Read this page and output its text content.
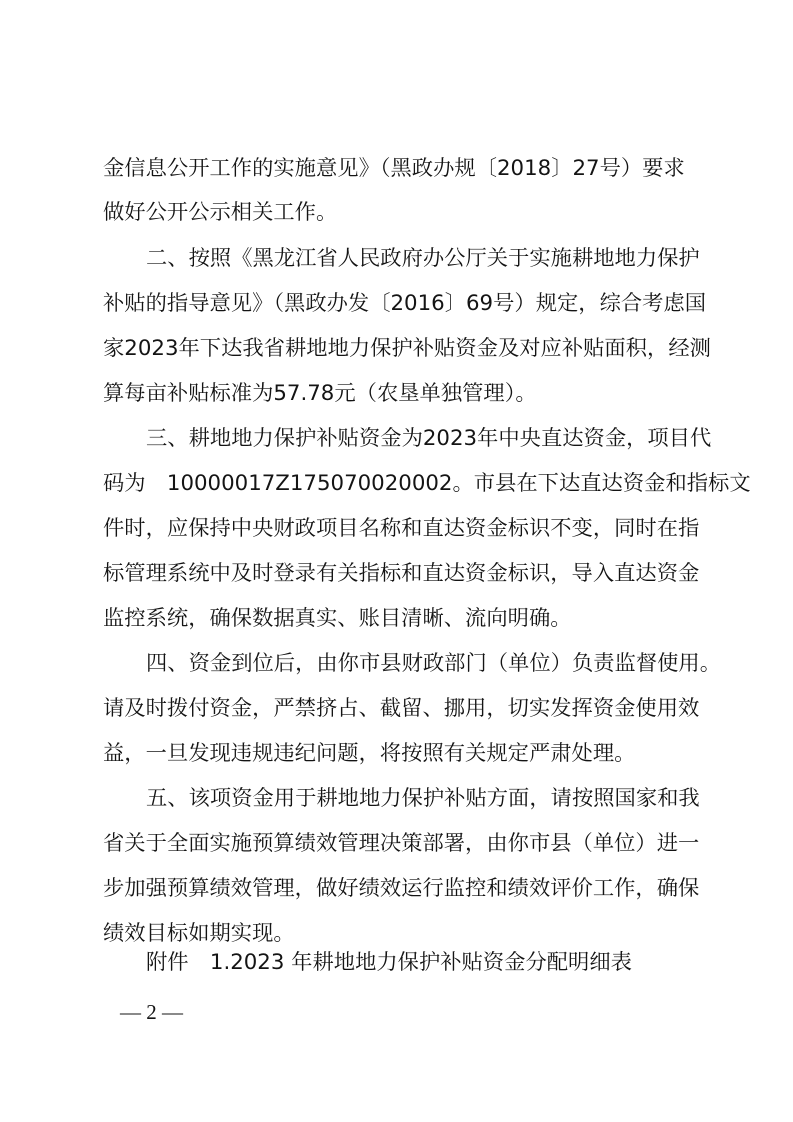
金信息公开工作的实施意见》（黑政办规〔2018〕27号）要求
做好公开公示相关工作。
二、按照《黑龙江省人民政府办公厅关于实施耕地地力保护
补贴的指导意见》（黑政办发〔2016〕69号）规定，综合考虑国
家2023年下达我省耕地地力保护补贴资金及对应补贴面积，经测
算每亩补贴标准为57.78元（农垦单独管理）。
三、耕地地力保护补贴资金为2023年中央直达资金，项目代
码为　10000017Z175070020002。市县在下达直达资金和指标文
件时，应保持中央财政项目名称和直达资金标识不变，同时在指
标管理系统中及时登录有关指标和直达资金标识，导入直达资金
监控系统，确保数据真实、账目清晰、流向明确。
四、资金到位后，由你市县财政部门（单位）负责监督使用。
请及时拨付资金，严禁挤占、截留、挪用，切实发挥资金使用效
益，一旦发现违规违纪问题，将按照有关规定严肃处理。
五、该项资金用于耕地地力保护补贴方面，请按照国家和我
省关于全面实施预算绩效管理决策部署，由你市县（单位）进一
步加强预算绩效管理，做好绩效运行监控和绩效评价工作，确保
绩效目标如期实现。
附件　1.2023 年耕地地力保护补贴资金分配明细表
— 2 —
